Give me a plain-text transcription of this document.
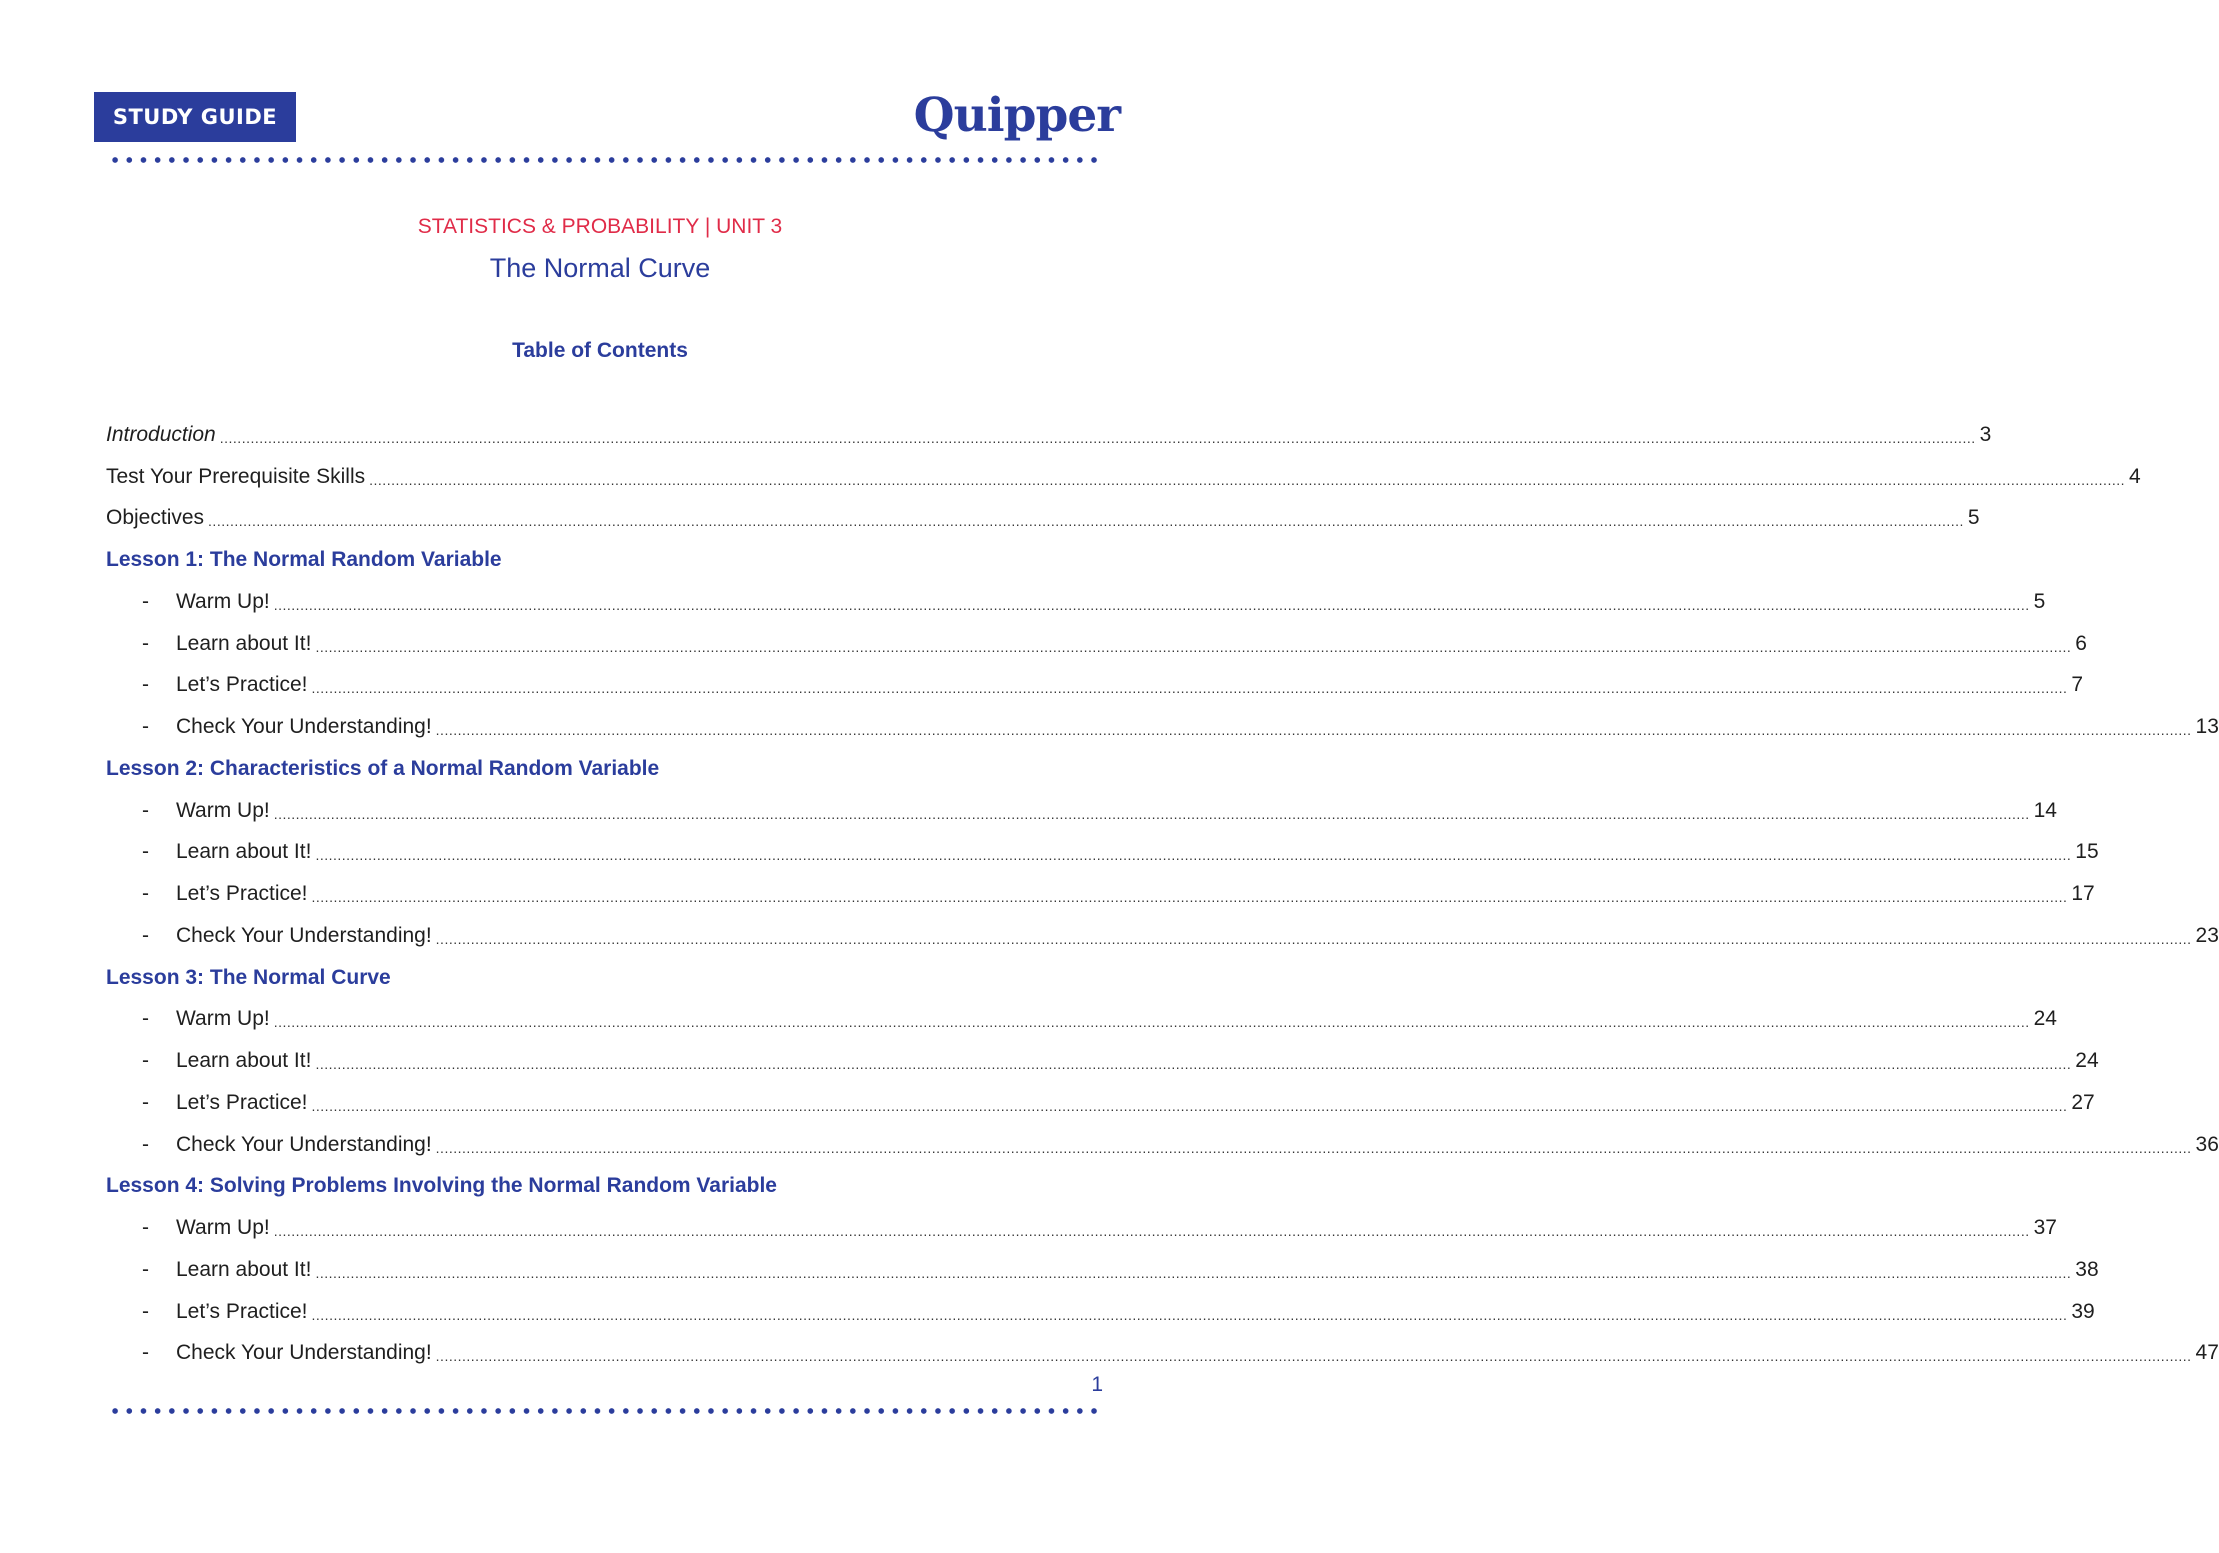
STUDY GUIDE	Quipper
STATISTICS & PROBABILITY | UNIT 3
The Normal Curve
Table of Contents
Introduction ................................................................................................................................................................................................................................................................................................................................................................................................................ 3
Test Your Prerequisite Skills ................................................................................................................................................................................................................................................................................................................................................................................................................ 4
Objectives ................................................................................................................................................................................................................................................................................................................................................................................................................ 5
Lesson 1: The Normal Random Variable
-	Warm Up! ................................................................................................................................................................................................................................................................................................................................................................................................................ 5
-	Learn about It! ................................................................................................................................................................................................................................................................................................................................................................................................................ 6
-	Let’s Practice! ................................................................................................................................................................................................................................................................................................................................................................................................................ 7
-	Check Your Understanding! ................................................................................................................................................................................................................................................................................................................................................................................................................ 13
Lesson 2: Characteristics of a Normal Random Variable
-	Warm Up! ................................................................................................................................................................................................................................................................................................................................................................................................................ 14
-	Learn about It! ................................................................................................................................................................................................................................................................................................................................................................................................................ 15
-	Let’s Practice! ................................................................................................................................................................................................................................................................................................................................................................................................................ 17
-	Check Your Understanding! ................................................................................................................................................................................................................................................................................................................................................................................................................ 23
Lesson 3: The Normal Curve
-	Warm Up! ................................................................................................................................................................................................................................................................................................................................................................................................................ 24
-	Learn about It! ................................................................................................................................................................................................................................................................................................................................................................................................................ 24
-	Let’s Practice! ................................................................................................................................................................................................................................................................................................................................................................................................................ 27
-	Check Your Understanding! ................................................................................................................................................................................................................................................................................................................................................................................................................ 36
Lesson 4: Solving Problems Involving the Normal Random Variable
-	Warm Up! ................................................................................................................................................................................................................................................................................................................................................................................................................ 37
-	Learn about It! ................................................................................................................................................................................................................................................................................................................................................................................................................ 38
-	Let’s Practice! ................................................................................................................................................................................................................................................................................................................................................................................................................ 39
-	Check Your Understanding! ................................................................................................................................................................................................................................................................................................................................................................................................................ 47
1
